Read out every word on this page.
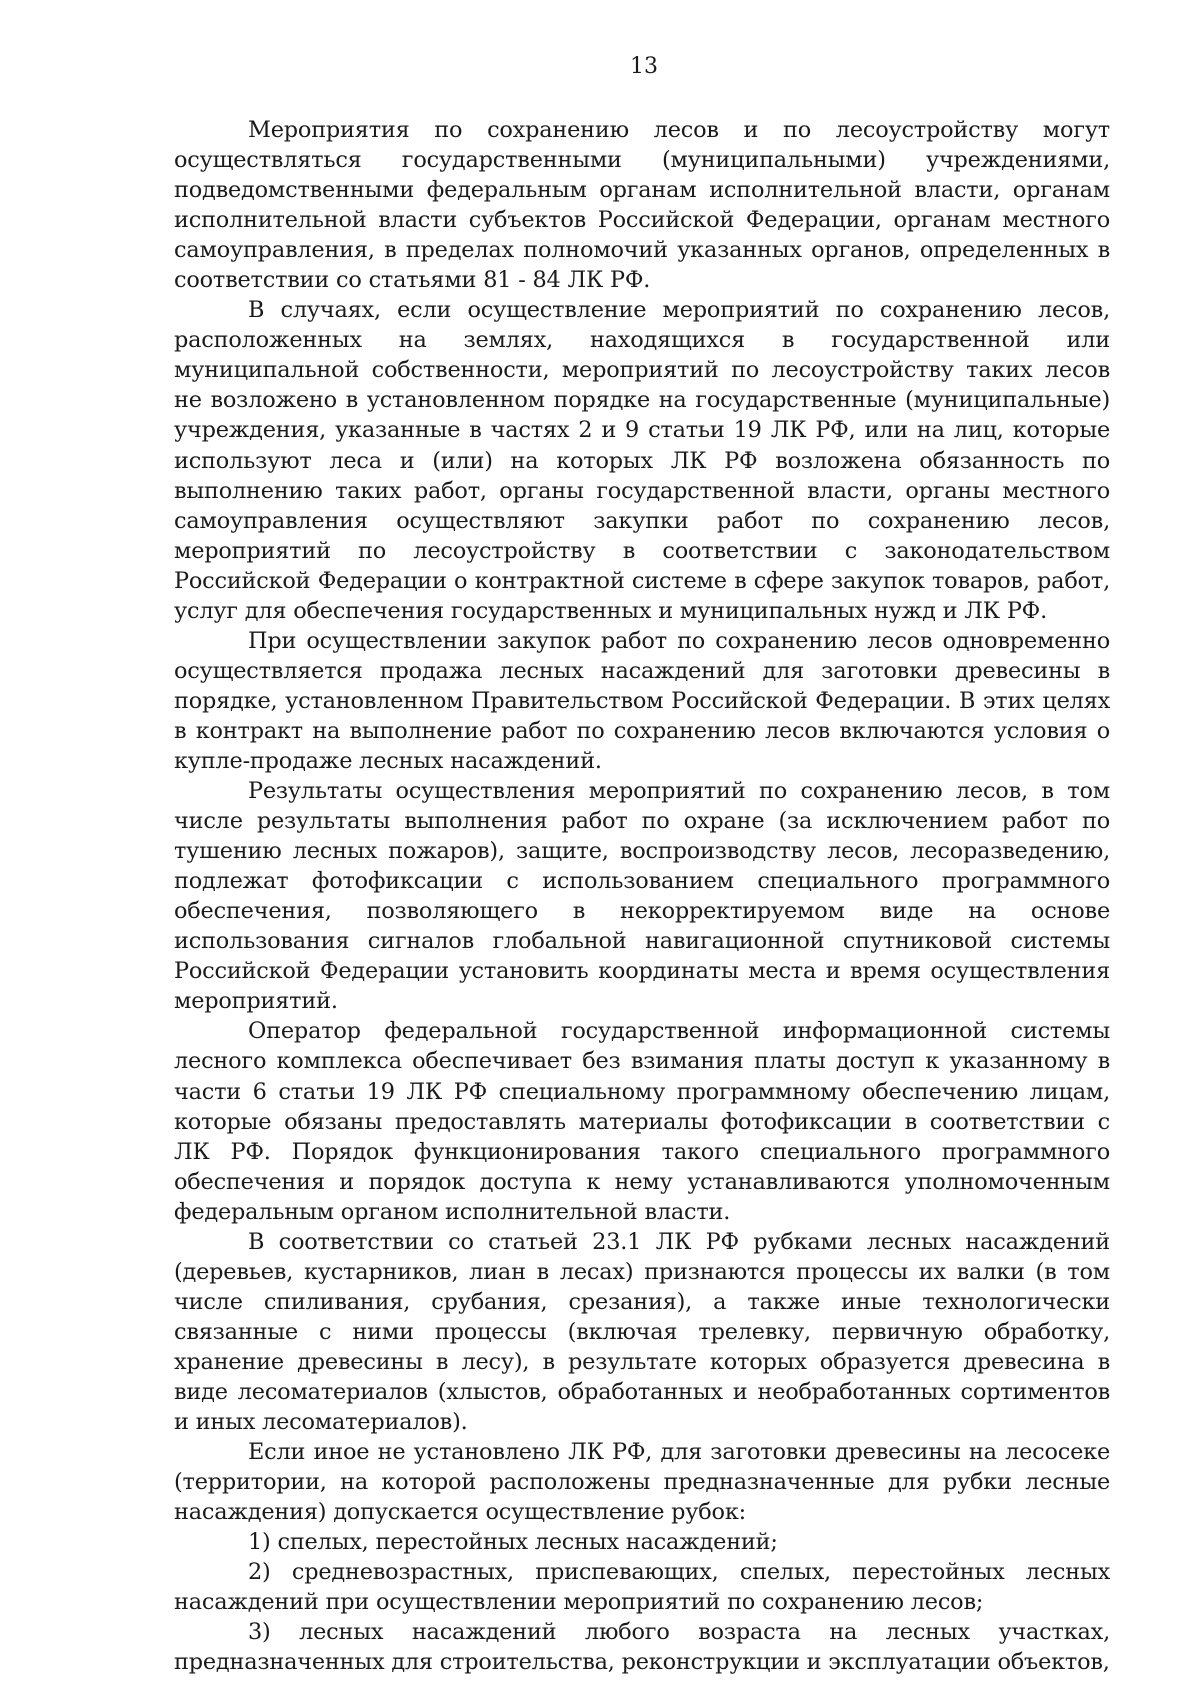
13

Мероприятия по сохранению лесов и по лесоустройству могут осуществляться государственными (муниципальными) учреждениями, подведомственными федеральным органам исполнительной власти, органам исполнительной власти субъектов Российской Федерации, органам местного самоуправления, в пределах полномочий указанных органов, определенных в соответствии со статьями 81 - 84 ЛК РФ.

В случаях, если осуществление мероприятий по сохранению лесов, расположенных на землях, находящихся в государственной или муниципальной собственности, мероприятий по лесоустройству таких лесов не возложено в установленном порядке на государственные (муниципальные) учреждения, указанные в частях 2 и 9 статьи 19 ЛК РФ, или на лиц, которые используют леса и (или) на которых ЛК РФ возложена обязанность по выполнению таких работ, органы государственной власти, органы местного самоуправления осуществляют закупки работ по сохранению лесов, мероприятий по лесоустройству в соответствии с законодательством Российской Федерации о контрактной системе в сфере закупок товаров, работ, услуг для обеспечения государственных и муниципальных нужд и ЛК РФ.

При осуществлении закупок работ по сохранению лесов одновременно осуществляется продажа лесных насаждений для заготовки древесины в порядке, установленном Правительством Российской Федерации. В этих целях в контракт на выполнение работ по сохранению лесов включаются условия о купле-продаже лесных насаждений.

Результаты осуществления мероприятий по сохранению лесов, в том числе результаты выполнения работ по охране (за исключением работ по тушению лесных пожаров), защите, воспроизводству лесов, лесоразведению, подлежат фотофиксации с использованием специального программного обеспечения, позволяющего в некорректируемом виде на основе использования сигналов глобальной навигационной спутниковой системы Российской Федерации установить координаты места и время осуществления мероприятий.

Оператор федеральной государственной информационной системы лесного комплекса обеспечивает без взимания платы доступ к указанному в части 6 статьи 19 ЛК РФ специальному программному обеспечению лицам, которые обязаны предоставлять материалы фотофиксации в соответствии с ЛК РФ. Порядок функционирования такого специального программного обеспечения и порядок доступа к нему устанавливаются уполномоченным федеральным органом исполнительной власти.

В соответствии со статьей 23.1 ЛК РФ рубками лесных насаждений (деревьев, кустарников, лиан в лесах) признаются процессы их валки (в том числе спиливания, срубания, срезания), а также иные технологически связанные с ними процессы (включая трелевку, первичную обработку, хранение древесины в лесу), в результате которых образуется древесина в виде лесоматериалов (хлыстов, обработанных и необработанных сортиментов и иных лесоматериалов).

Если иное не установлено ЛК РФ, для заготовки древесины на лесосеке (территории, на которой расположены предназначенные для рубки лесные насаждения) допускается осуществление рубок:

1) спелых, перестойных лесных насаждений;

2) средневозрастных, приспевающих, спелых, перестойных лесных насаждений при осуществлении мероприятий по сохранению лесов;

3) лесных насаждений любого возраста на лесных участках, предназначенных для строительства, реконструкции и эксплуатации объектов,
